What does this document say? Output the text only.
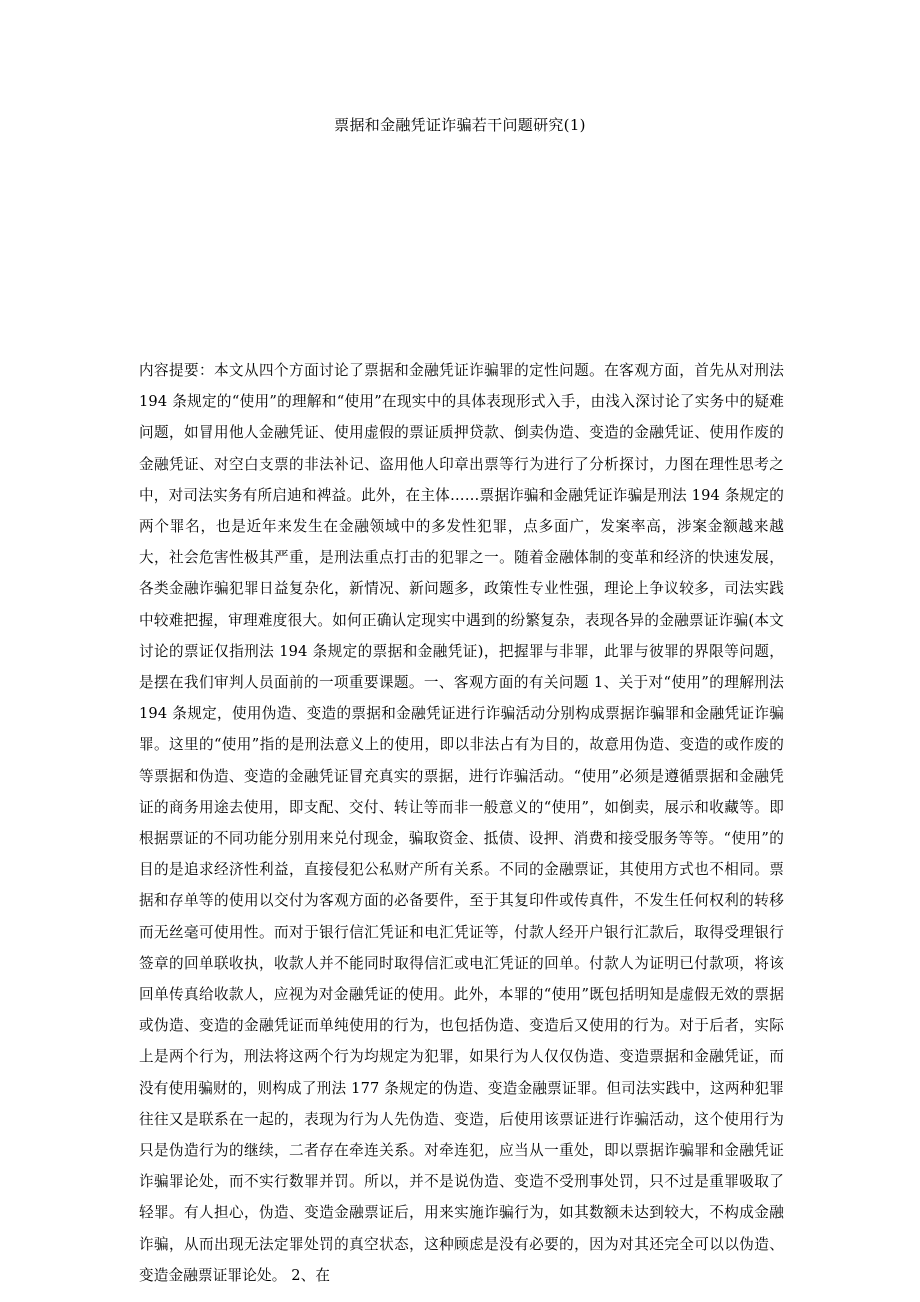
票据和金融凭证诈骗若干问题研究(1)
内容提要：本文从四个方面讨论了票据和金融凭证诈骗罪的定性问题。在客观方面，首先从对刑法 194 条规定的“使用”的理解和“使用”在现实中的具体表现形式入手，由浅入深讨论了实务中的疑难问题，如冒用他人金融凭证、使用虚假的票证质押贷款、倒卖伪造、变造的金融凭证、使用作废的金融凭证、对空白支票的非法补记、盗用他人印章出票等行为进行了分析探讨，力图在理性思考之中，对司法实务有所启迪和裨益。此外，在主体……票据诈骗和金融凭证诈骗是刑法 194 条规定的两个罪名，也是近年来发生在金融领域中的多发性犯罪，点多面广，发案率高，涉案金额越来越大，社会危害性极其严重，是刑法重点打击的犯罪之一。随着金融体制的变革和经济的快速发展，各类金融诈骗犯罪日益复杂化，新情况、新问题多，政策性专业性强，理论上争议较多，司法实践中较难把握，审理难度很大。如何正确认定现实中遇到的纷繁复杂，表现各异的金融票证诈骗(本文讨论的票证仅指刑法 194 条规定的票据和金融凭证)，把握罪与非罪，此罪与彼罪的界限等问题，是摆在我们审判人员面前的一项重要课题。一、客观方面的有关问题 1、关于对“使用”的理解刑法 194 条规定，使用伪造、变造的票据和金融凭证进行诈骗活动分别构成票据诈骗罪和金融凭证诈骗罪。这里的“使用”指的是刑法意义上的使用，即以非法占有为目的，故意用伪造、变造的或作废的等票据和伪造、变造的金融凭证冒充真实的票据，进行诈骗活动。“使用”必须是遵循票据和金融凭证的商务用途去使用，即支配、交付、转让等而非一般意义的“使用”，如倒卖，展示和收藏等。即根据票证的不同功能分别用来兑付现金，骗取资金、抵债、设押、消费和接受服务等等。“使用”的目的是追求经济性利益，直接侵犯公私财产所有关系。不同的金融票证，其使用方式也不相同。票据和存单等的使用以交付为客观方面的必备要件，至于其复印件或传真件，不发生任何权利的转移而无丝毫可使用性。而对于银行信汇凭证和电汇凭证等，付款人经开户银行汇款后，取得受理银行签章的回单联收执，收款人并不能同时取得信汇或电汇凭证的回单。付款人为证明已付款项，将该回单传真给收款人，应视为对金融凭证的使用。此外，本罪的“使用”既包括明知是虚假无效的票据或伪造、变造的金融凭证而单纯使用的行为，也包括伪造、变造后又使用的行为。对于后者，实际上是两个行为，刑法将这两个行为均规定为犯罪，如果行为人仅仅伪造、变造票据和金融凭证，而没有使用骗财的，则构成了刑法 177 条规定的伪造、变造金融票证罪。但司法实践中，这两种犯罪往往又是联系在一起的，表现为行为人先伪造、变造，后使用该票证进行诈骗活动，这个使用行为只是伪造行为的继续，二者存在牵连关系。对牵连犯，应当从一重处，即以票据诈骗罪和金融凭证诈骗罪论处，而不实行数罪并罚。所以，并不是说伪造、变造不受刑事处罚，只不过是重罪吸取了轻罪。有人担心，伪造、变造金融票证后，用来实施诈骗行为，如其数额未达到较大，不构成金融诈骗，从而出现无法定罪处罚的真空状态，这种顾虑是没有必要的，因为对其还完全可以以伪造、变造金融票证罪论处。 2、在
